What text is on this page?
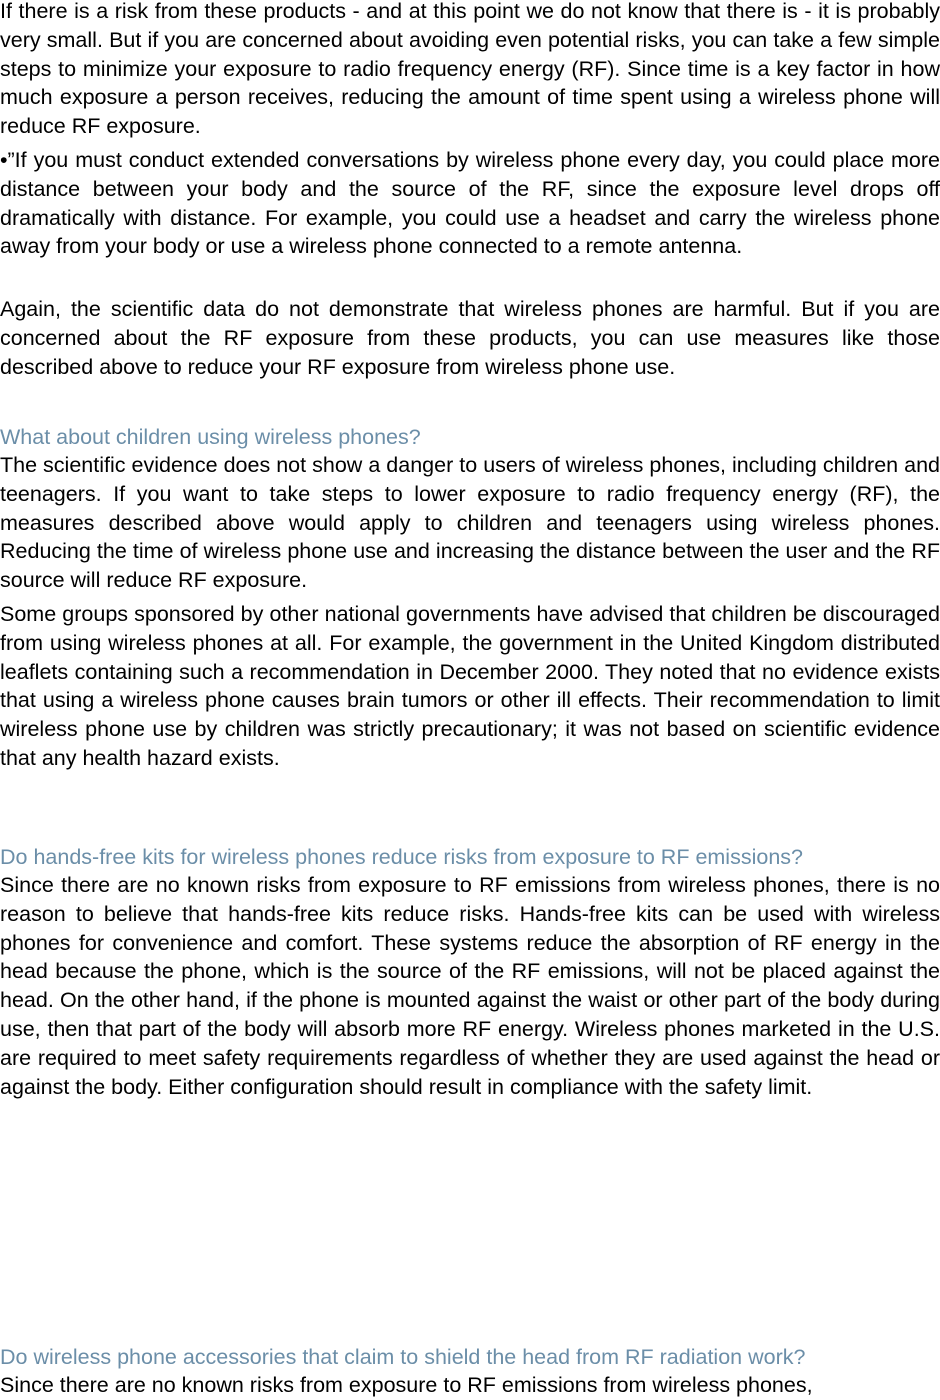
If there is a risk from these products - and at this point we do not know that there is - it is probably very small. But if you are concerned about avoiding even potential risks, you can take a few simple steps to minimize your exposure to radio frequency energy (RF). Since time is a key factor in how much exposure a person receives, reducing the amount of time spent using a wireless phone will reduce RF exposure.

•”If you must conduct extended conversations by wireless phone every day, you could place more distance between your body and the source of the RF, since the exposure level drops off dramatically with distance. For example, you could use a headset and carry the wireless phone away from your body or use a wireless phone connected to a remote antenna.

Again, the scientific data do not demonstrate that wireless phones are harmful. But if you are concerned about the RF exposure from these products, you can use measures like those described above to reduce your RF exposure from wireless phone use.

What about children using wireless phones?

The scientific evidence does not show a danger to users of wireless phones, including children and teenagers. If you want to take steps to lower exposure to radio frequency energy (RF), the measures described above would apply to children and teenagers using wireless phones. Reducing the time of wireless phone use and increasing the distance between the user and the RF source will reduce RF exposure.

Some groups sponsored by other national governments have advised that children be discouraged from using wireless phones at all. For example, the government in the United Kingdom distributed leaflets containing such a recommendation in December 2000. They noted that no evidence exists that using a wireless phone causes brain tumors or other ill effects. Their recommendation to limit wireless phone use by children was strictly precautionary; it was not based on scientific evidence that any health hazard exists.

Do hands-free kits for wireless phones reduce risks from exposure to RF emissions?

Since there are no known risks from exposure to RF emissions from wireless phones, there is no reason to believe that hands-free kits reduce risks. Hands-free kits can be used with wireless phones for convenience and comfort. These systems reduce the absorption of RF energy in the head because the phone, which is the source of the RF emissions, will not be placed against the head. On the other hand, if the phone is mounted against the waist or other part of the body during use, then that part of the body will absorb more RF energy. Wireless phones marketed in the U.S. are required to meet safety requirements regardless of whether they are used against the head or against the body. Either configuration should result in compliance with the safety limit.

Do wireless phone accessories that claim to shield the head from RF radiation work?

Since there are no known risks from exposure to RF emissions from wireless phones,
